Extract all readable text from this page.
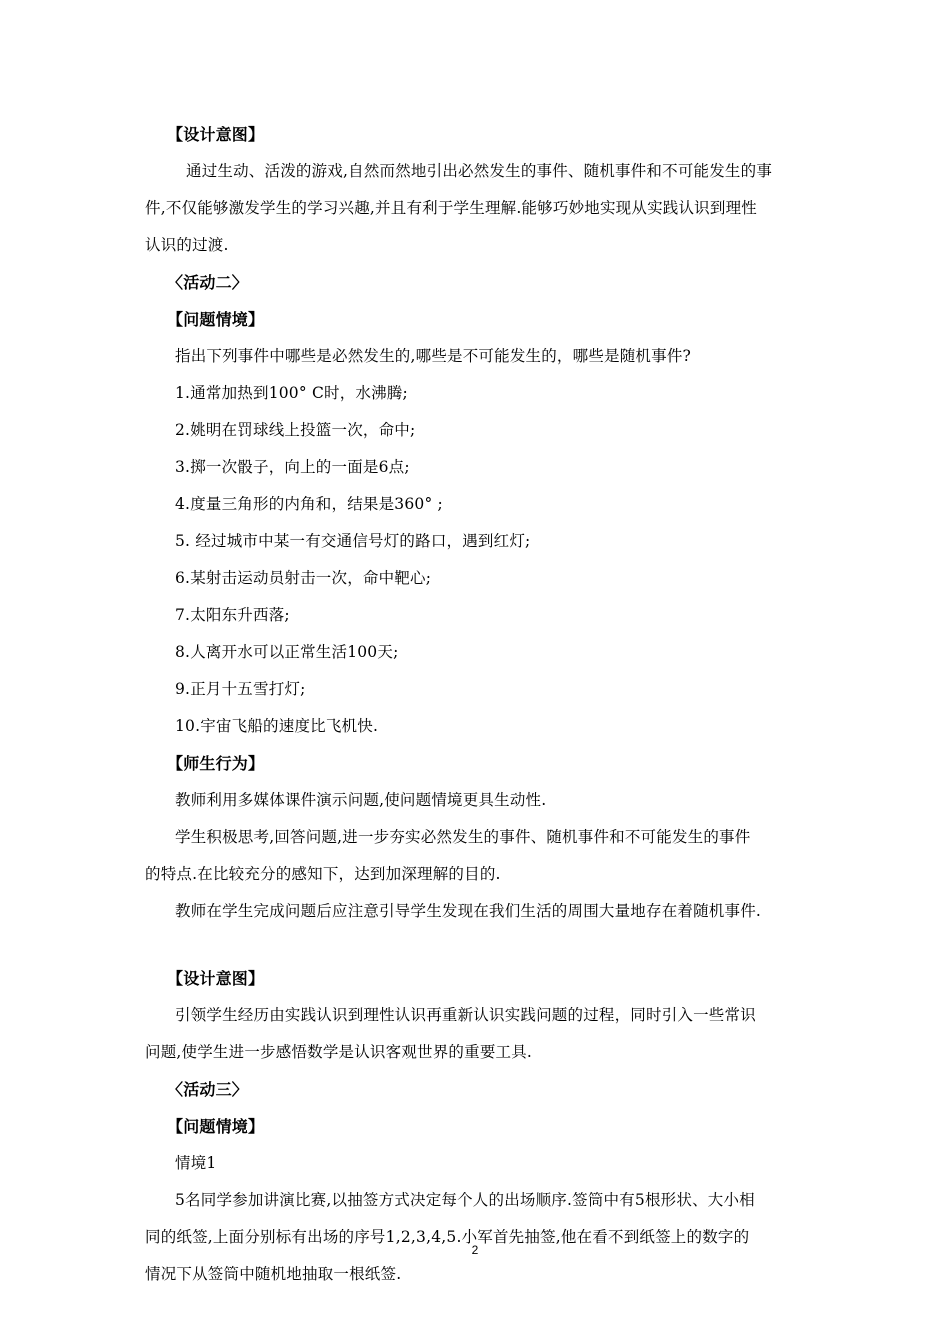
【设计意图】
通过生动、活泼的游戏,自然而然地引出必然发生的事件、随机事件和不可能发生的事
件,不仅能够激发学生的学习兴趣,并且有利于学生理解.能够巧妙地实现从实践认识到理性
认识的过渡.
〈活动二〉
【问题情境】
指出下列事件中哪些是必然发生的,哪些是不可能发生的，哪些是随机事件?
1.通常加热到100° C时，水沸腾;
2.姚明在罚球线上投篮一次，命中;
3.掷一次骰子，向上的一面是6点;
4.度量三角形的内角和，结果是360° ;
5. 经过城市中某一有交通信号灯的路口，遇到红灯;
6.某射击运动员射击一次，命中靶心;
7.太阳东升西落;
8.人离开水可以正常生活100天;
9.正月十五雪打灯;
10.宇宙飞船的速度比飞机快.
【师生行为】
教师利用多媒体课件演示问题,使问题情境更具生动性.
学生积极思考,回答问题,进一步夯实必然发生的事件、随机事件和不可能发生的事件
的特点.在比较充分的感知下，达到加深理解的目的.
教师在学生完成问题后应注意引导学生发现在我们生活的周围大量地存在着随机事件.
【设计意图】
引领学生经历由实践认识到理性认识再重新认识实践问题的过程，同时引入一些常识
问题,使学生进一步感悟数学是认识客观世界的重要工具.
〈活动三〉
【问题情境】
情境1
5名同学参加讲演比赛,以抽签方式决定每个人的出场顺序.签筒中有5根形状、大小相
同的纸签,上面分别标有出场的序号1,2,3,4,5.小军首先抽签,他在看不到纸签上的数字的
情况下从签筒中随机地抽取一根纸签.
2
